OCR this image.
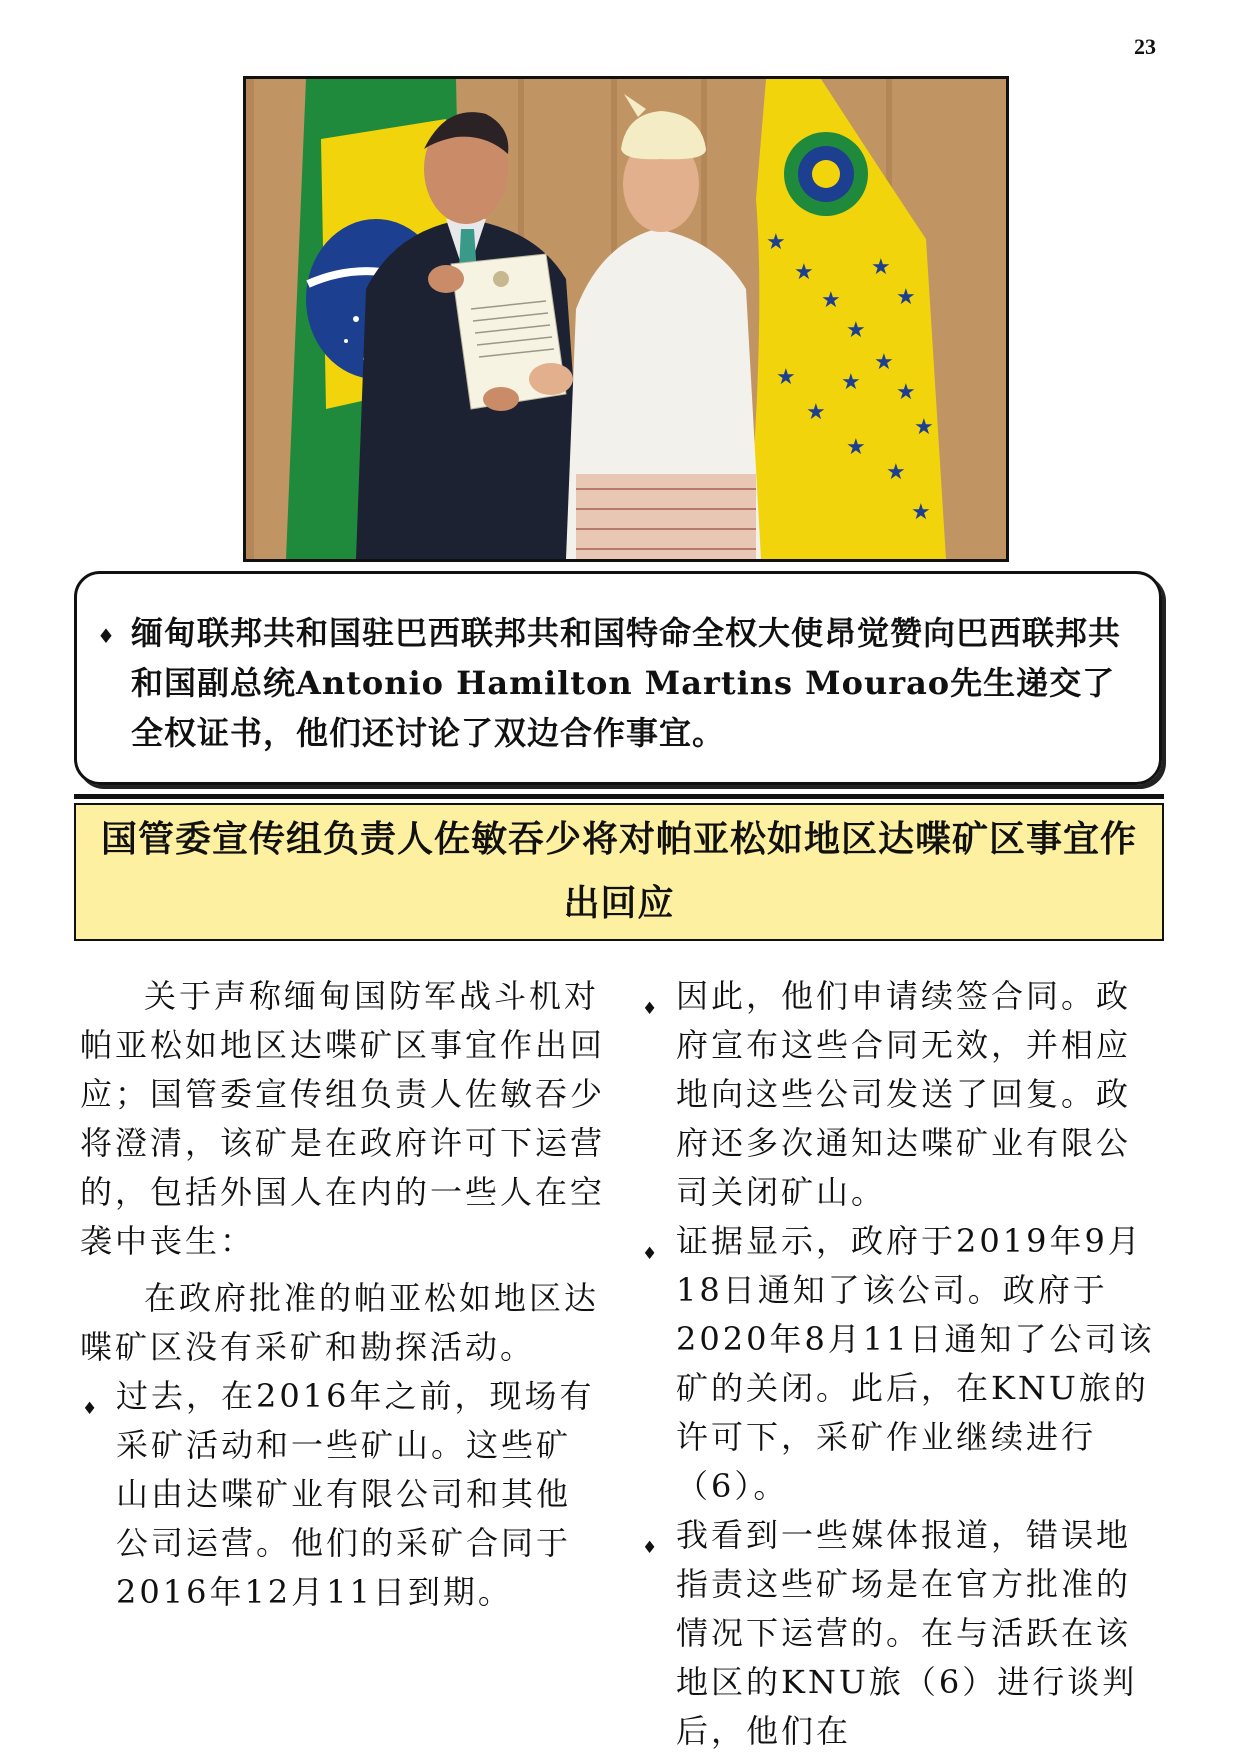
23
★
★
★
★
★
★
★
★
★
★
★
★
★
★
★
♦ 缅甸联邦共和国驻巴西联邦共和国特命全权大使昂觉赞向巴西联邦共和国副总统Antonio Hamilton Martins Mourao先生递交了全权证书，他们还讨论了双边合作事宜。
国管委宣传组负责人佐敏吞少将对帕亚松如地区达喋矿区事宜作出回应

关于声称缅甸国防军战斗机对帕亚松如地区达喋矿区事宜作出回应；国管委宣传组负责人佐敏吞少将澄清，该矿是在政府许可下运营的，包括外国人在内的一些人在空袭中丧生：

在政府批准的帕亚松如地区达喋矿区没有采矿和勘探活动。

♦ 过去，在2016年之前，现场有采矿活动和一些矿山。这些矿山由达喋矿业有限公司和其他公司运营。他们的采矿合同于2016年12月11日到期。

♦ 因此，他们申请续签合同。政府宣布这些合同无效，并相应地向这些公司发送了回复。政府还多次通知达喋矿业有限公司关闭矿山。

♦ 证据显示，政府于2019年9月18日通知了该公司。政府于2020年8月11日通知了公司该矿的关闭。此后，在KNU旅的许可下，采矿作业继续进行（6）。

♦ 我看到一些媒体报道，错误地指责这些矿场是在官方批准的情况下运营的。在与活跃在该地区的KNU旅（6）进行谈判后，他们在
